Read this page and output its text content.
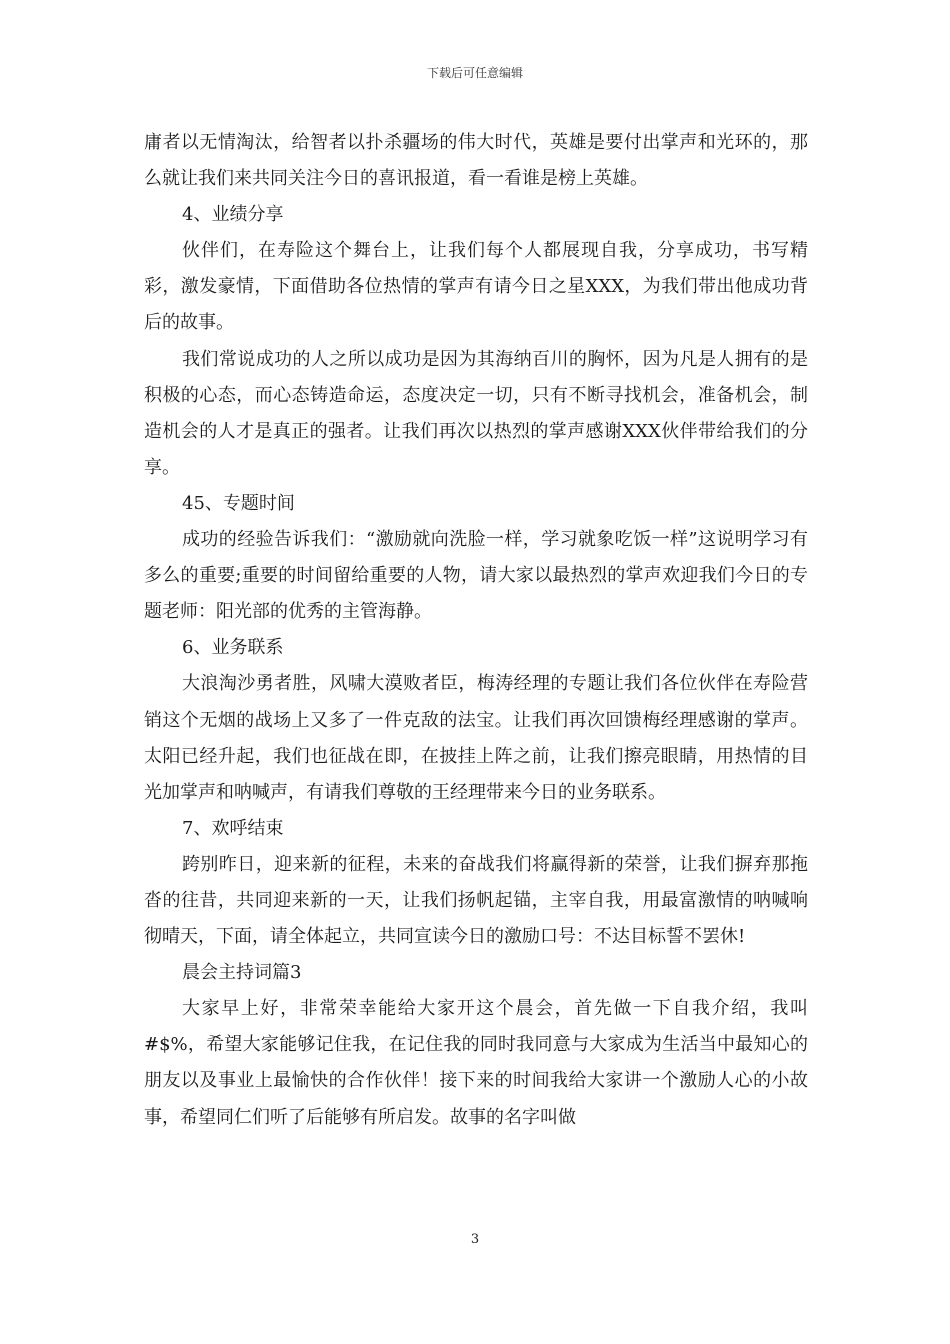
下载后可任意编辑

庸者以无情淘汰，给智者以扑杀疆场的伟大时代，英雄是要付出掌声和光环的，那么就让我们来共同关注今日的喜讯报道，看一看谁是榜上英雄。

4、业绩分享

伙伴们，在寿险这个舞台上，让我们每个人都展现自我，分享成功，书写精彩，激发豪情，下面借助各位热情的掌声有请今日之星XXX，为我们带出他成功背后的故事。

我们常说成功的人之所以成功是因为其海纳百川的胸怀，因为凡是人拥有的是积极的心态，而心态铸造命运，态度决定一切，只有不断寻找机会，准备机会，制造机会的人才是真正的强者。让我们再次以热烈的掌声感谢XXX伙伴带给我们的分享。

45、专题时间

成功的经验告诉我们：“激励就向洗脸一样，学习就象吃饭一样”这说明学习有多么的重要;重要的时间留给重要的人物，请大家以最热烈的掌声欢迎我们今日的专题老师：阳光部的优秀的主管海静。

6、业务联系

大浪淘沙勇者胜，风啸大漠败者臣，梅涛经理的专题让我们各位伙伴在寿险营销这个无烟的战场上又多了一件克敌的法宝。让我们再次回馈梅经理感谢的掌声。太阳已经升起，我们也征战在即，在披挂上阵之前，让我们擦亮眼睛，用热情的目光加掌声和呐喊声，有请我们尊敬的王经理带来今日的业务联系。

7、欢呼结束

跨别昨日，迎来新的征程，未来的奋战我们将赢得新的荣誉，让我们摒弃那拖沓的往昔，共同迎来新的一天，让我们扬帆起锚，主宰自我，用最富激情的呐喊响彻晴天，下面，请全体起立，共同宣读今日的激励口号：不达目标誓不罢休!

晨会主持词篇3

大家早上好，非常荣幸能给大家开这个晨会，首先做一下自我介绍，我叫#$%，希望大家能够记住我，在记住我的同时我同意与大家成为生活当中最知心的朋友以及事业上最愉快的合作伙伴！接下来的时间我给大家讲一个激励人心的小故事，希望同仁们听了后能够有所启发。故事的名字叫做

3
